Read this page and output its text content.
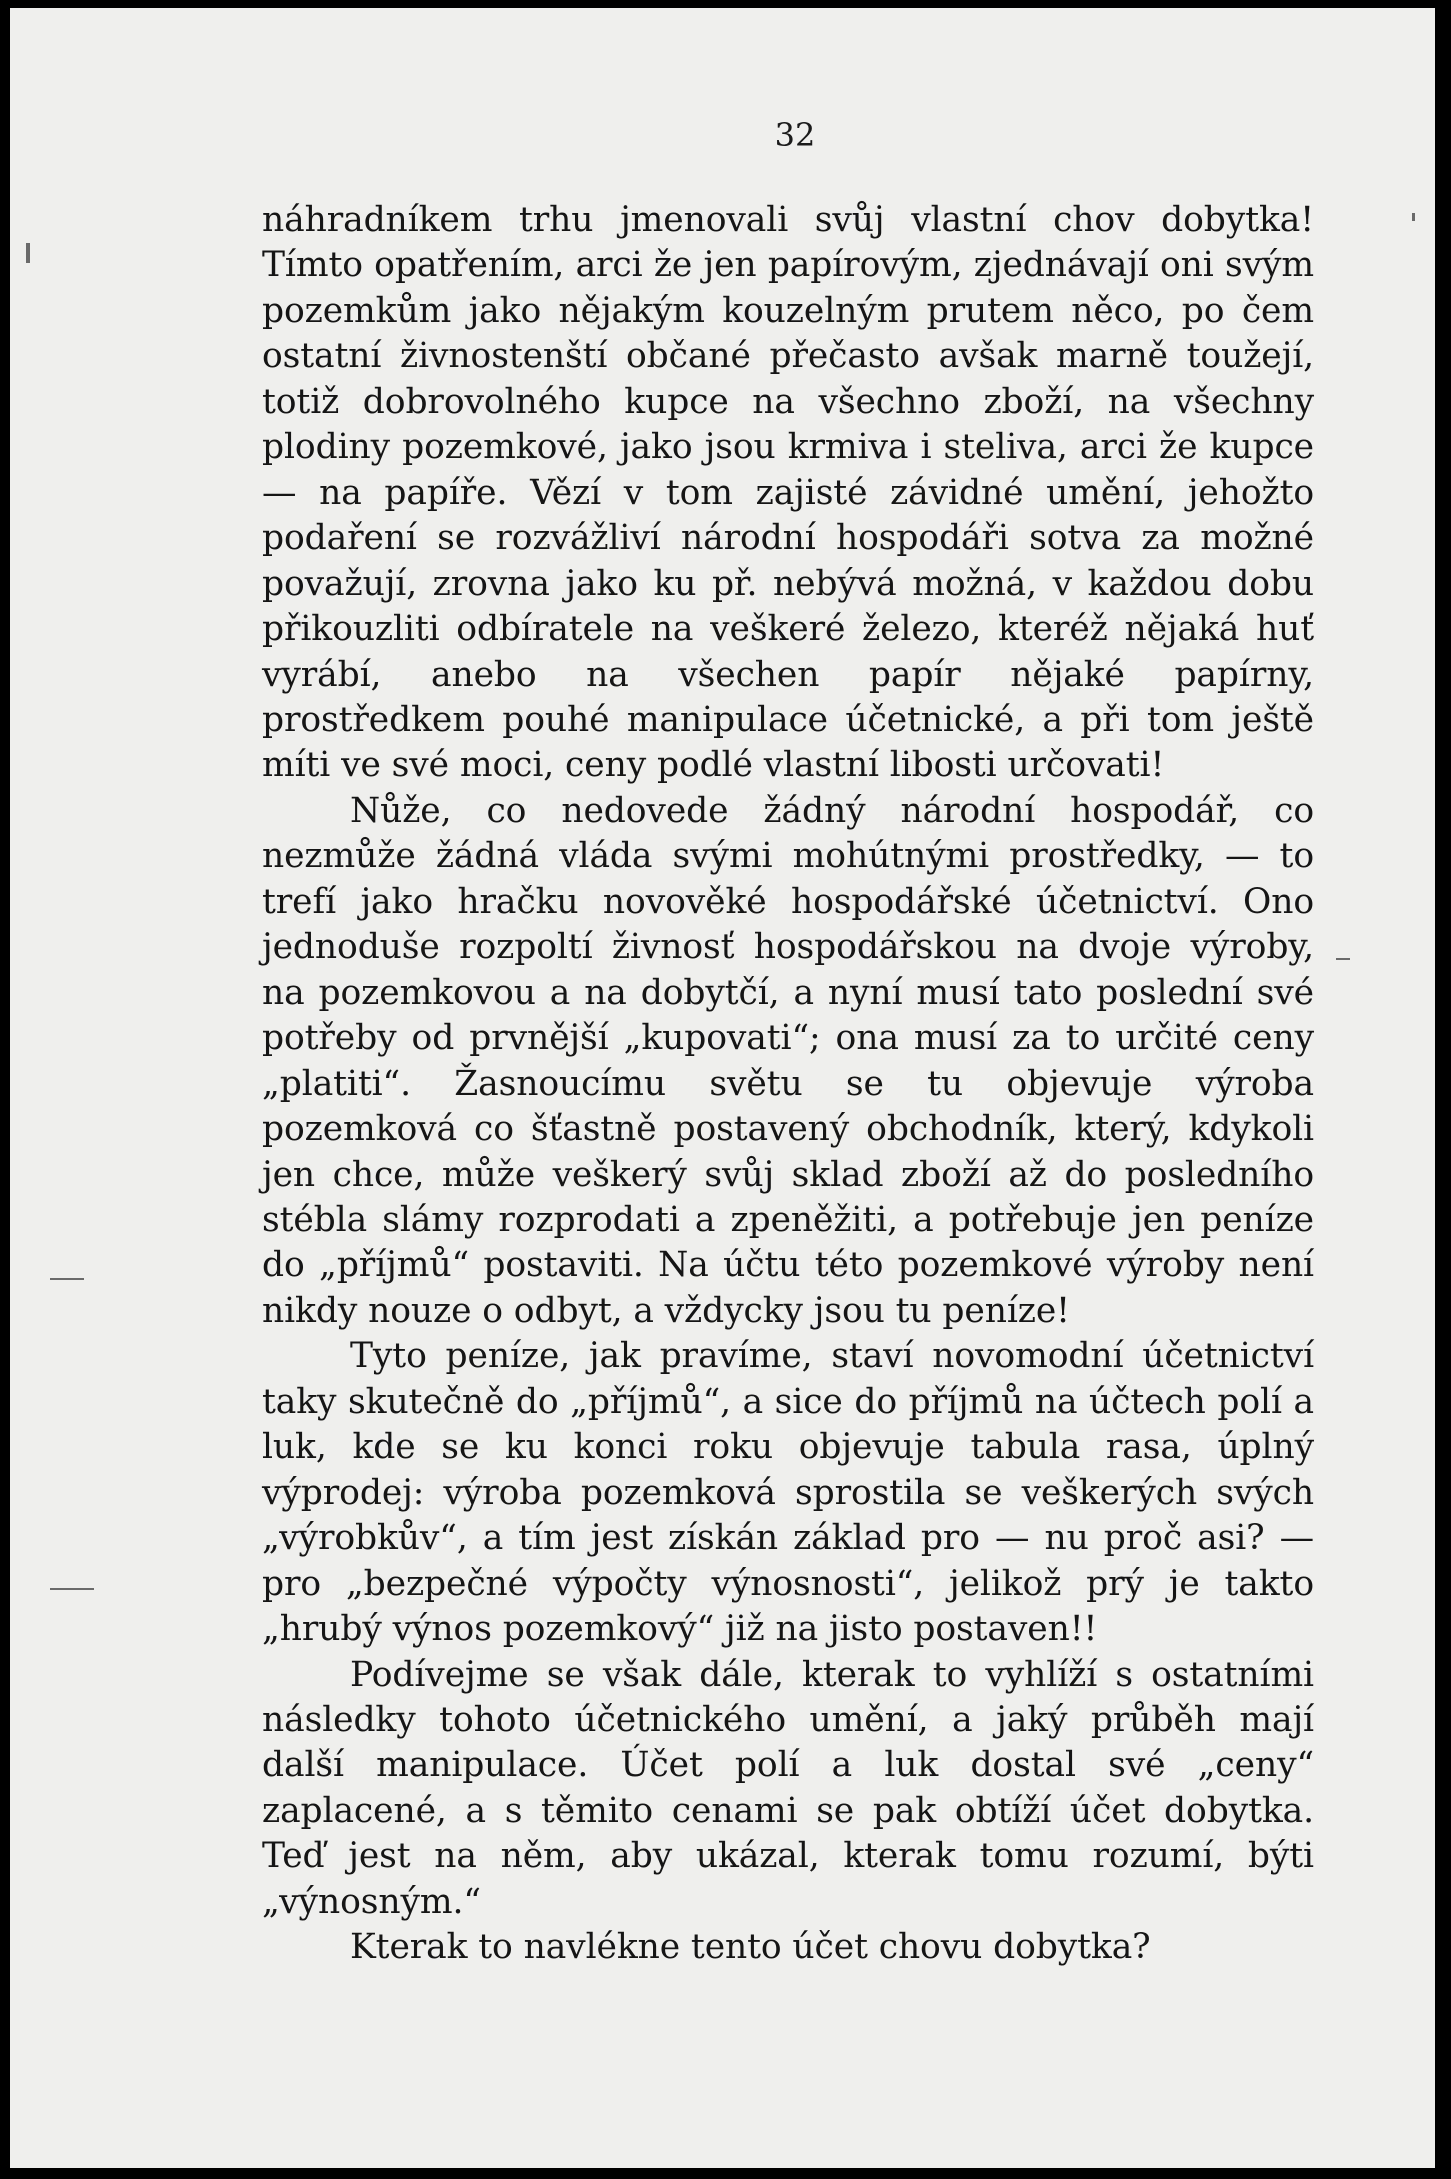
32

náhradníkem trhu jmenovali svůj vlastní chov dobytka! Tímto opatřením, arci že jen papírovým, zjednávají oni svým pozemkům jako nějakým kouzelným prutem něco, po čem ostatní živnostenští občané přečasto avšak marně toužejí, totiž dobrovolného kupce na všechno zboží, na všechny plodiny pozemkové, jako jsou krmiva i steliva, arci že kupce — na papíře. Vězí v tom zajisté závidné umění, jehožto podaření se rozvážliví národní hospodáři sotva za možné považují, zrovna jako ku př. nebývá možná, v každou dobu přikouzliti odbíratele na veškeré železo, kteréž nějaká huť vyrábí, anebo na všechen papír nějaké papírny, prostředkem pouhé manipulace účetnické, a při tom ještě míti ve své moci, ceny podlé vlastní libosti určovati!

Nůže, co nedovede žádný národní hospodář, co nezmůže žádná vláda svými mohútnými prostředky, — to trefí jako hračku novověké hospodářské účetnictví. Ono jednoduše rozpoltí živnosť hospodářskou na dvoje výroby, na pozemkovou a na dobytčí, a nyní musí tato poslední své potřeby od prvnější „kupovati“; ona musí za to určité ceny „platiti“. Žasnoucímu světu se tu objevuje výroba pozemková co šťastně postavený obchodník, který, kdykoli jen chce, může veškerý svůj sklad zboží až do posledního stébla slámy rozprodati a zpeněžiti, a potřebuje jen peníze do „příjmů“ postaviti. Na účtu této pozemkové výroby není nikdy nouze o odbyt, a vždycky jsou tu peníze!

Tyto peníze, jak pravíme, staví novomodní účetnictví taky skutečně do „příjmů“, a sice do příjmů na účtech polí a luk, kde se ku konci roku objevuje tabula rasa, úplný výprodej: výroba pozemková sprostila se veškerých svých „výrobkův“, a tím jest získán základ pro — nu proč asi? — pro „bezpečné výpočty výnosnosti“, jelikož prý je takto „hrubý výnos pozemkový“ již na jisto postaven!!

Podívejme se však dále, kterak to vyhlíží s ostatními následky tohoto účetnického umění, a jaký průběh mají další manipulace. Účet polí a luk dostal své „ceny“ zaplacené, a s těmito cenami se pak obtíží účet dobytka. Teď jest na něm, aby ukázal, kterak tomu rozumí, býti „výnosným.“

Kterak to navlékne tento účet chovu dobytka?
